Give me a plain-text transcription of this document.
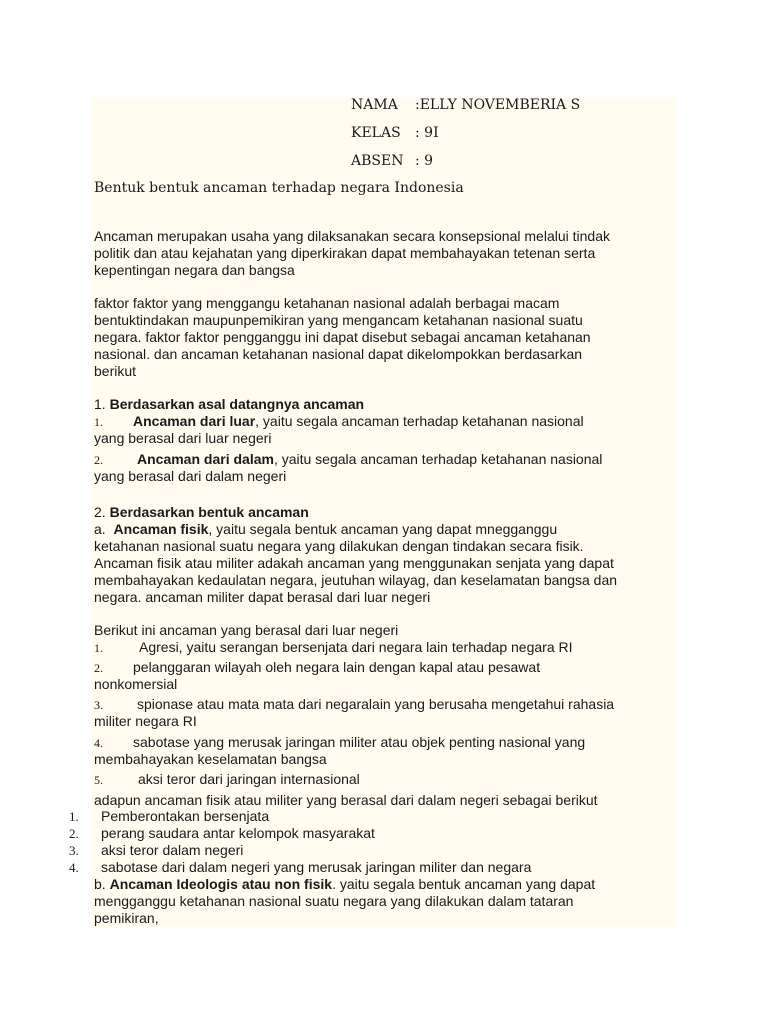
NAMA :ELLY NOVEMBERIA S
KELAS : 9I
ABSEN : 9
Bentuk bentuk ancaman terhadap negara Indonesia
Ancaman merupakan usaha yang dilaksanakan secara konsepsional melalui tindak
politik dan atau kejahatan yang diperkirakan dapat membahayakan tetenan serta
kepentingan negara dan bangsa
faktor faktor yang menggangu ketahanan nasional adalah berbagai macam
bentuktindakan maupunpemikiran yang mengancam ketahanan nasional suatu
negara. faktor faktor pengganggu ini dapat disebut sebagai ancaman ketahanan
nasional. dan ancaman ketahanan nasional dapat dikelompokkan berdasarkan
berikut
1. Berdasarkan asal datangnya ancaman
1. Ancaman dari luar, yaitu segala ancaman terhadap ketahanan nasional
yang berasal dari luar negeri
2. Ancaman dari dalam, yaitu segala ancaman terhadap ketahanan nasional
yang berasal dari dalam negeri
2. Berdasarkan bentuk ancaman
a. Ancaman fisik, yaitu segala bentuk ancaman yang dapat mnegganggu
ketahanan nasional suatu negara yang dilakukan dengan tindakan secara fisik.
Ancaman fisik atau militer adakah ancaman yang menggunakan senjata yang dapat
membahayakan kedaulatan negara, jeutuhan wilayag, dan keselamatan bangsa dan
negara. ancaman militer dapat berasal dari luar negeri
Berikut ini ancaman yang berasal dari luar negeri
1.	Agresi, yaitu serangan bersenjata dari negara lain terhadap negara RI
2. pelanggaran wilayah oleh negara lain dengan kapal atau pesawat
nonkomersial
3. spionase atau mata mata dari negaralain yang berusaha mengetahui rahasia
militer negara RI
4. sabotase yang merusak jaringan militer atau objek penting nasional yang
membahayakan keselamatan bangsa
5.	aksi teror dari jaringan internasional
adapun ancaman fisik atau militer yang berasal dari dalam negeri sebagai berikut
1. Pemberontakan bersenjata
2. perang saudara antar kelompok masyarakat
3. aksi teror dalam negeri
4. sabotase dari dalam negeri yang merusak jaringan militer dan negara
b. Ancaman Ideologis atau non fisik. yaitu segala bentuk ancaman yang dapat
mengganggu ketahanan nasional suatu negara yang dilakukan dalam tataran
pemikiran,
